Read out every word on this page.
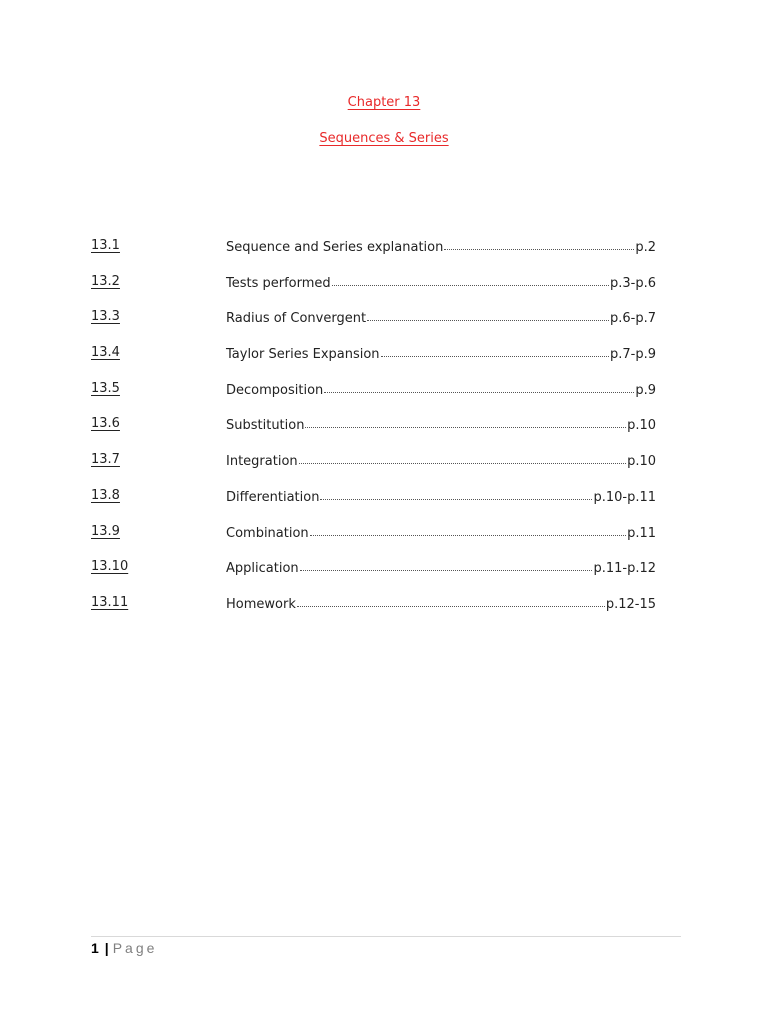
Chapter 13
Sequences & Series
13.1	Sequence and Series explanation	p.2
13.2	Tests performed	p.3-p.6
13.3	Radius of Convergent	p.6-p.7
13.4	Taylor Series Expansion	p.7-p.9
13.5	Decomposition	p.9
13.6	Substitution	p.10
13.7	Integration	p.10
13.8	Differentiation	p.10-p.11
13.9	Combination	p.11
13.10	Application	p.11-p.12
13.11	Homework	p.12-15
1 | Page
